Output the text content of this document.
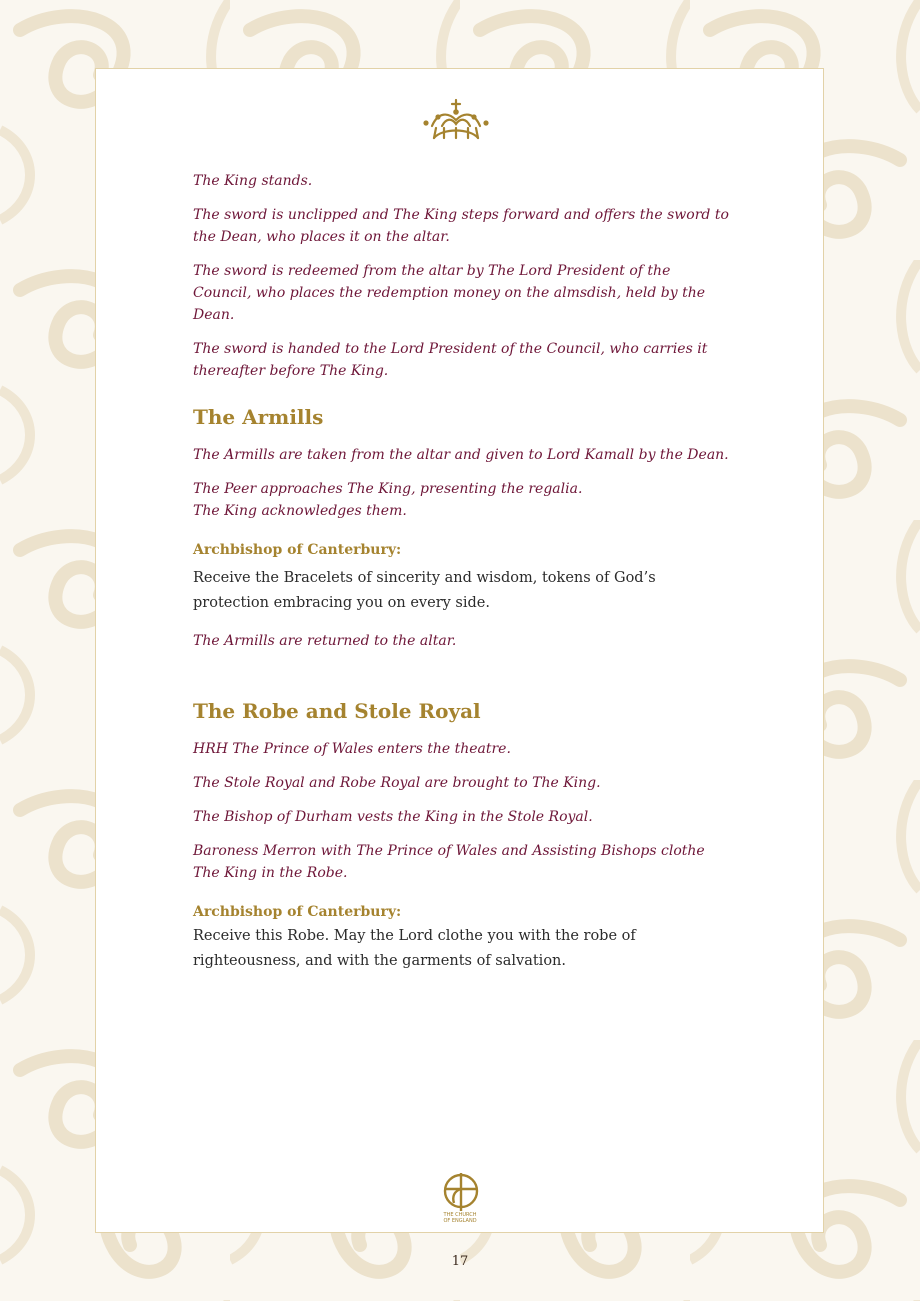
The King stands.

The sword is unclipped and The King steps forward and offers the sword to the Dean, who places it on the altar.

The sword is redeemed from the altar by The Lord President of the Council, who places the redemption money on the almsdish, held by the Dean.

The sword is handed to the Lord President of the Council, who carries it thereafter before The King.

The Armills

The Armills are taken from the altar and given to Lord Kamall by the Dean.

The Peer approaches The King, presenting the regalia.

The King acknowledges them.

Archbishop of Canterbury:

Receive the Bracelets of sincerity and wisdom, tokens of God’s protection embracing you on every side.

The Armills are returned to the altar.

The Robe and Stole Royal

HRH The Prince of Wales enters the theatre.

The Stole Royal and Robe Royal are brought to The King.

The Bishop of Durham vests the King in the Stole Royal.

Baroness Merron with The Prince of Wales and Assisting Bishops clothe The King in the Robe.

Archbishop of Canterbury:

Receive this Robe. May the Lord clothe you with the robe of righteousness, and with the garments of salvation.

THE CHURCH
OF ENGLAND
17
